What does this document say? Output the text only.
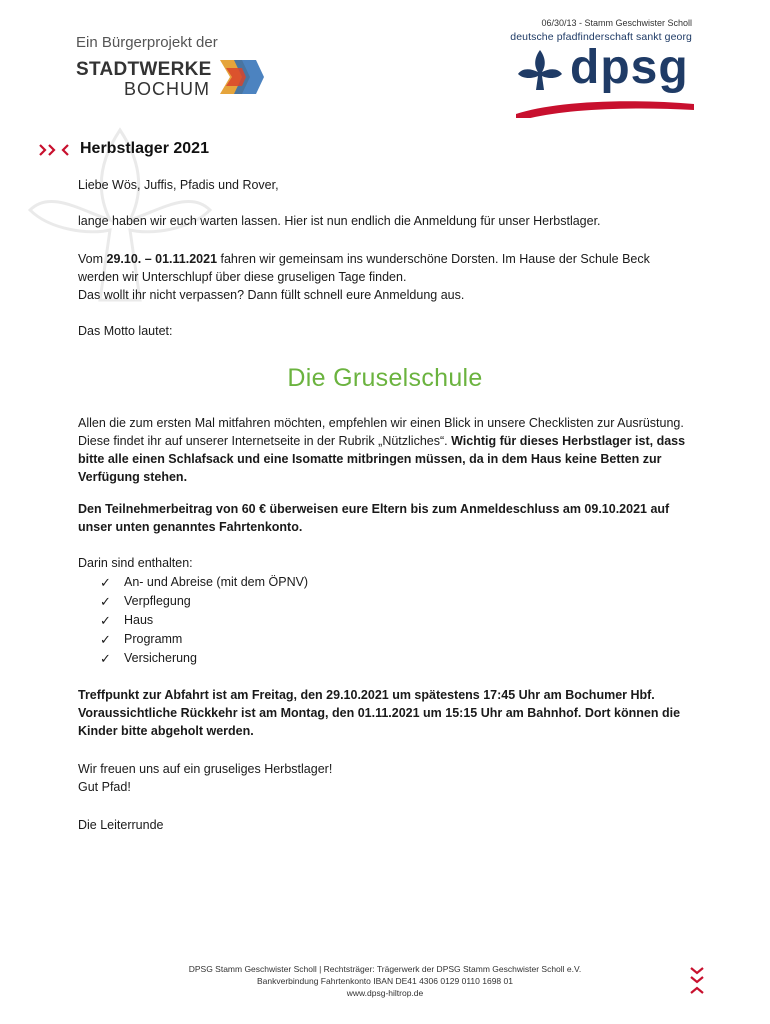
Ein Bürgerprojekt der
STADTWERKE
BOCHUM
06/30/13 - Stamm Geschwister Scholl
deutsche pfadfinderschaft sankt georg
dpsg
Herbstlager 2021
Liebe Wös, Juffis, Pfadis und Rover,
lange haben wir euch warten lassen. Hier ist nun endlich die Anmeldung für unser Herbstlager.
Vom 29.10. – 01.11.2021 fahren wir gemeinsam ins wunderschöne Dorsten. Im Hause der Schule Beck werden wir Unterschlupf über diese gruseligen Tage finden.
Das wollt ihr nicht verpassen? Dann füllt schnell eure Anmeldung aus.
Das Motto lautet:
Die Gruselschule
Allen die zum ersten Mal mitfahren möchten, empfehlen wir einen Blick in unsere Checklisten zur Ausrüstung. Diese findet ihr auf unserer Internetseite in der Rubrik „Nützliches“. Wichtig für dieses Herbstlager ist, dass bitte alle einen Schlafsack und eine Isomatte mitbringen müssen, da in dem Haus keine Betten zur Verfügung stehen.
Den Teilnehmerbeitrag von 60 € überweisen eure Eltern bis zum Anmeldeschluss am 09.10.2021 auf unser unten genanntes Fahrtenkonto.
Darin sind enthalten:
✓ An- und Abreise (mit dem ÖPNV)
✓ Verpflegung
✓ Haus
✓ Programm
✓ Versicherung
Treffpunkt zur Abfahrt ist am Freitag, den 29.10.2021 um spätestens 17:45 Uhr am Bochumer Hbf.
Voraussichtliche Rückkehr ist am Montag, den 01.11.2021 um 15:15 Uhr am Bahnhof. Dort können die Kinder bitte abgeholt werden.
Wir freuen uns auf ein gruseliges Herbstlager!
Gut Pfad!
Die Leiterrunde
DPSG Stamm Geschwister Scholl | Rechtsträger: Trägerwerk der DPSG Stamm Geschwister Scholl e.V.
Bankverbindung Fahrtenkonto IBAN DE41 4306 0129 0110 1698 01
www.dpsg-hiltrop.de
